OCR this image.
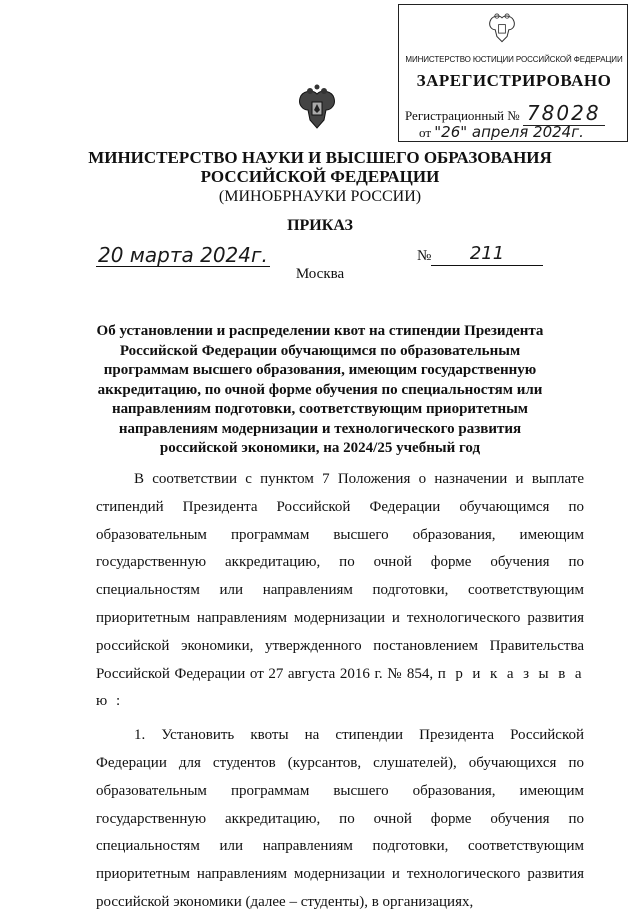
МИНИСТЕРСТВО ЮСТИЦИИ РОССИЙСКОЙ ФЕДЕРАЦИИ
ЗАРЕГИСТРИРОВАНО
Регистрационный № 78028
от "26" апреля 2024г.
МИНИСТЕРСТВО НАУКИ И ВЫСШЕГО ОБРАЗОВАНИЯ
РОССИЙСКОЙ ФЕДЕРАЦИИ
(МИНОБРНАУКИ РОССИИ)
ПРИКАЗ
20 марта 2024г.
Москва
№	211
Об установлении и распределении квот на стипендии Президента Российской Федерации обучающимся по образовательным программам высшего образования, имеющим государственную аккредитацию, по очной форме обучения по специальностям или направлениям подготовки, соответствующим приоритетным направлениям модернизации и технологического развития российской экономики, на 2024/25 учебный год

В соответствии с пунктом 7 Положения о назначении и выплате стипендий Президента Российской Федерации обучающимся по образовательным программам высшего образования, имеющим государственную аккредитацию, по очной форме обучения по специальностям или направлениям подготовки, соответствующим приоритетным направлениям модернизации и технологического развития российской экономики, утвержденного постановлением Правительства Российской Федерации от 27 августа 2016 г. № 854, п р и к а з ы в а ю :

1. Установить квоты на стипендии Президента Российской Федерации для студентов (курсантов, слушателей), обучающихся по образовательным программам высшего образования, имеющим государственную аккредитацию, по очной форме обучения по специальностям или направлениям подготовки, соответствующим приоритетным направлениям модернизации и технологического развития российской экономики (далее – студенты), в организациях,
